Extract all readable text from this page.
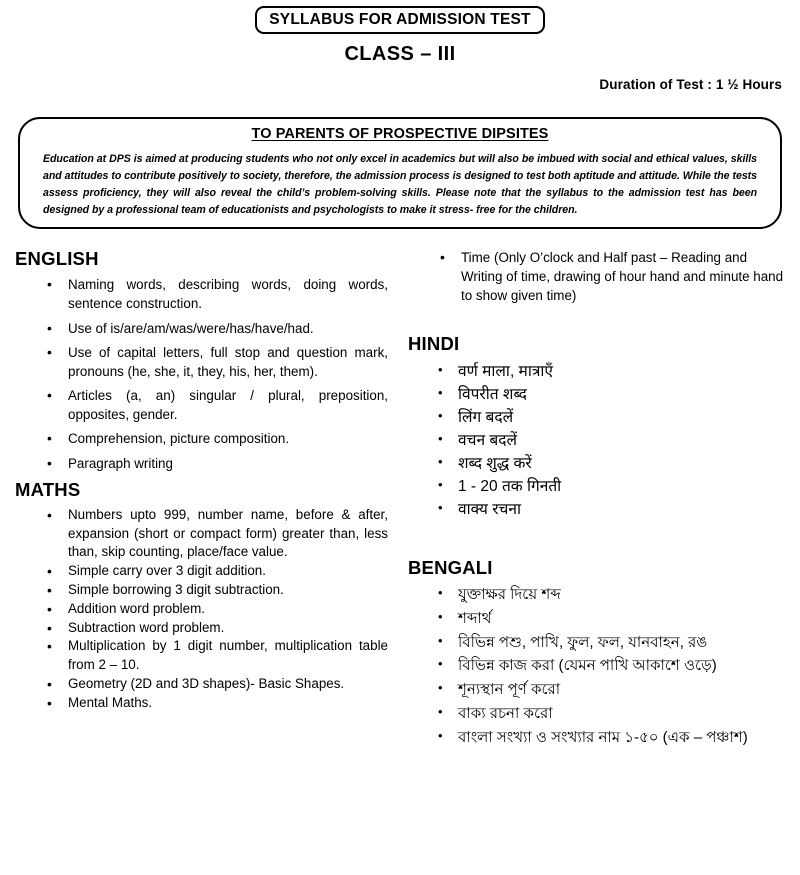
SYLLABUS FOR ADMISSION TEST
CLASS – III
Duration of Test : 1 ½ Hours
TO PARENTS OF PROSPECTIVE DIPSITES
Education at DPS is aimed at producing students who not only excel in academics but will also be imbued with social and ethical values, skills and attitudes to contribute positively to society, therefore, the admission process is designed to test both aptitude and attitude. While the tests assess proficiency, they will also reveal the child’s problem-solving skills. Please note that the syllabus to the admission test has been designed by a professional team of educationists and psychologists to make it stress- free for the children.
ENGLISH
• Naming words, describing words, doing words, sentence construction.
• Use of is/are/am/was/were/has/have/had.
• Use of capital letters, full stop and question mark, pronouns (he, she, it, they, his, her, them).
• Articles (a, an) singular / plural, preposition, opposites, gender.
• Comprehension, picture composition.
• Paragraph writing
MATHS
• Numbers upto 999, number name, before & after, expansion (short or compact form) greater than, less than, skip counting, place/face value.
• Simple carry over 3 digit addition.
• Simple borrowing 3 digit subtraction.
• Addition word problem.
• Subtraction word problem.
• Multiplication by 1 digit number, multiplication table from 2 – 10.
• Geometry (2D and 3D shapes)- Basic Shapes.
• Mental Maths.
• Time (Only O’clock and Half past – Reading and Writing of time, drawing of hour hand and minute hand to show given time)
HINDI
• वर्ण माला, मात्राएँ
• विपरीत शब्द
• लिंग बदलें
• वचन बदलें
• शब्द शुद्ध करें
• 1 - 20 तक गिनती
• वाक्य रचना
BENGALI
• যুক্তাক্ষর দিয়ে শব্দ
• শব্দার্থ
• বিভিন্ন পশু, পাখি, ফুল, ফল, যানবাহন, রঙ
• বিভিন্ন কাজ করা (যেমন পাখি আকাশে ওড়ে)
• শূন্যস্থান পূর্ণ করো
• বাক্য রচনা করো
• বাংলা সংখ্যা ও সংখ্যার নাম ১-৫০ (এক – পঞ্চাশ)
